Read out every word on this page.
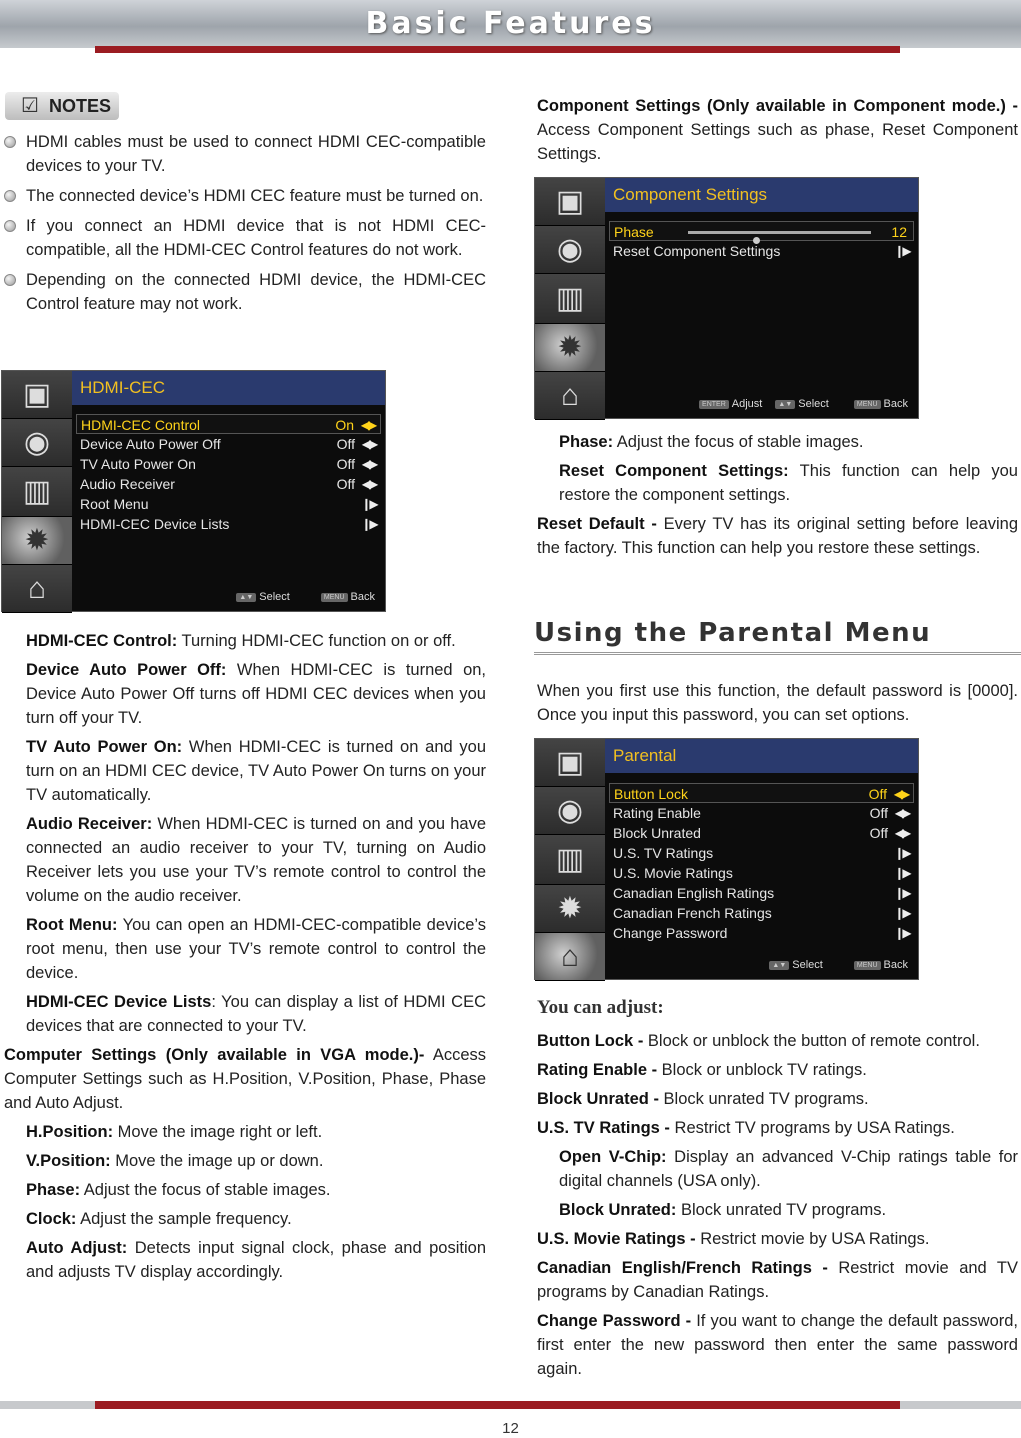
Basic Features
☑ NOTES
HDMI cables must be used to connect HDMI CEC-compatible devices to your TV.
The connected device’s HDMI CEC feature must be turned on.
If you connect an HDMI device that is not HDMI CEC-compatible, all the HDMI-CEC Control features do not work.
Depending on the connected HDMI device, the HDMI-CEC Control feature may not work.
▣
◉
▥
✹
⌂
HDMI-CEC
HDMI-CEC Control	On ◀▶
Device Auto Power Off	Off ◀▶
TV Auto Power On	Off ◀▶
Audio Receiver	Off ◀▶
Root Menu	❙▶
HDMI-CEC Device Lists	❙▶
▲▼ Select	MENU Back

HDMI-CEC Control: Turning HDMI-CEC function on or off.

Device Auto Power Off: When HDMI-CEC is turned on, Device Auto Power Off turns off HDMI CEC devices when you turn off your TV.

TV Auto Power On: When HDMI-CEC is turned on and you turn on an HDMI CEC device, TV Auto Power On turns on your TV automatically.

Audio Receiver: When HDMI-CEC is turned on and you have connected an audio receiver to your TV, turning on Audio Receiver lets you use your TV’s remote control to control the volume on the audio receiver.

Root Menu: You can open an HDMI-CEC-compatible device’s root menu, then use your TV’s remote control to control the device.

HDMI-CEC Device Lists: You can display a list of HDMI CEC devices that are connected to your TV.

Computer Settings (Only available in VGA mode.)- Access Computer Settings such as H.Position, V.Position, Phase, Phase and Auto Adjust.

H.Position: Move the image right or left.

V.Position: Move the image up or down.

Phase: Adjust the focus of stable images.

Clock: Adjust the sample frequency.

Auto Adjust: Detects input signal clock, phase and position and adjusts TV display accordingly.

Component Settings (Only available in Component mode.) - Access Component Settings such as phase, Reset Component Settings.

▣
◉
▥
✹
⌂
Component Settings
Phase	12
Reset Component Settings	❙▶
ENTER Adjust ▲▼ Select	MENU Back

Phase: Adjust the focus of stable images.

Reset Component Settings: This function can help you restore the component settings.

Reset Default - Every TV has its original setting before leaving the factory. This function can help you restore these settings.

Using the Parental Menu

When you first use this function, the default password is [0000]. Once you input this password, you can set options.

▣
◉
▥
✹
⌂
Parental
Button Lock	Off ◀▶
Rating Enable	Off ◀▶
Block Unrated	Off ◀▶
U.S. TV Ratings	❙▶
U.S. Movie Ratings	❙▶
Canadian English Ratings	❙▶
Canadian French Ratings	❙▶
Change Password	❙▶
▲▼ Select	MENU Back
You can adjust:

Button Lock - Block or unblock the button of remote control.

Rating Enable - Block or unblock TV ratings.

Block Unrated - Block unrated TV programs.

U.S. TV Ratings - Restrict TV programs by USA Ratings.

Open V-Chip: Display an advanced V-Chip ratings table for digital channels (USA only).

Block Unrated: Block unrated TV programs.

U.S. Movie Ratings - Restrict movie by USA Ratings.

Canadian English/French Ratings - Restrict movie and TV programs by Canadian Ratings.

Change Password - If you want to change the default password, first enter the new password then enter the same password again.

12
